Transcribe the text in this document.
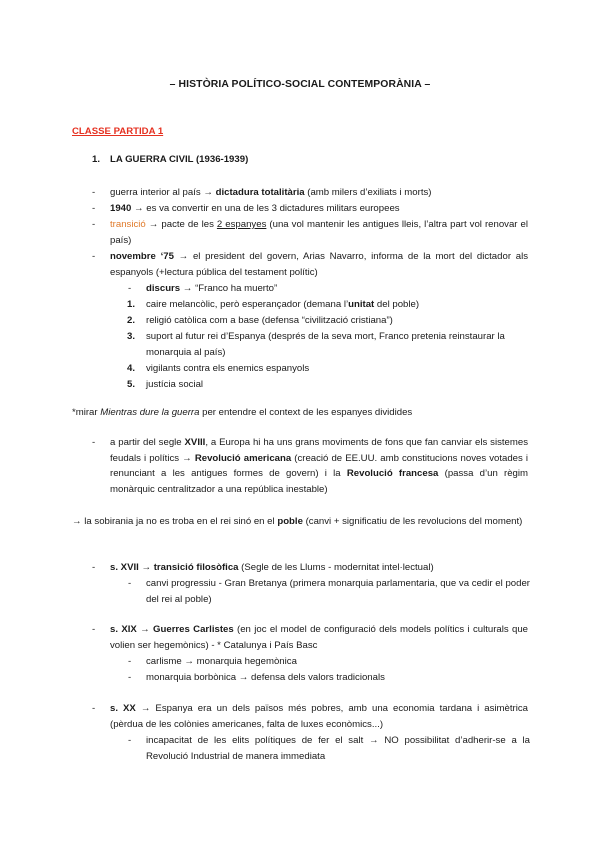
– HISTÒRIA POLÍTICO-SOCIAL CONTEMPORÀNIA –
CLASSE PARTIDA 1
1. LA GUERRA CIVIL (1936-1939)
-	guerra interior al país → dictadura totalitària (amb milers d’exiliats i morts)
-	1940 → es va convertir en una de les 3 dictadures militars europees
-	transició → pacte de les 2 espanyes (una vol mantenir les antigues lleis, l’altra part vol renovar el país)
-	novembre ‘75 → el president del govern, Arias Navarro, informa de la mort del dictador als espanyols (+lectura pública del testament polític)
-	discurs → “Franco ha muerto”
1. caire melancòlic, però esperançador (demana l’unitat del poble)
2. religió catòlica com a base (defensa “civilització cristiana”)
3. suport al futur rei d’Espanya (després de la seva mort, Franco pretenia reinstaurar la monarquia al país)
4. vigilants contra els enemics espanyols
5. justícia social
*mirar Mientras dure la guerra per entendre el context de les espanyes dividides
-	a partir del segle XVIII, a Europa hi ha uns grans moviments de fons que fan canviar els sistemes feudals i polítics → Revolució americana (creació de EE.UU. amb constitucions noves votades i renunciant a les antigues formes de govern) i la Revolució francesa (passa d’un règim monàrquic centralitzador a una república inestable)
→ la sobirania ja no es troba en el rei sinó en el poble (canvi + significatiu de les revolucions del moment)
-	s. XVII → transició filosòfica (Segle de les Llums - modernitat intel·lectual)
-	canvi progressiu - Gran Bretanya (primera monarquia parlamentaria, que va cedir el poder del rei al poble)
-	s. XIX → Guerres Carlistes (en joc el model de configuració dels models polítics i culturals que volien ser hegemònics) - * Catalunya i País Basc
-	carlisme → monarquia hegemònica
-	monarquia borbònica → defensa dels valors tradicionals
-	s. XX → Espanya era un dels països més pobres, amb una economia tardana i asimètrica (pèrdua de les colònies americanes, falta de luxes econòmics...)
-	incapacitat de les elits polítiques de fer el salt → NO possibilitat d’adherir-se a la Revolució Industrial de manera immediata
